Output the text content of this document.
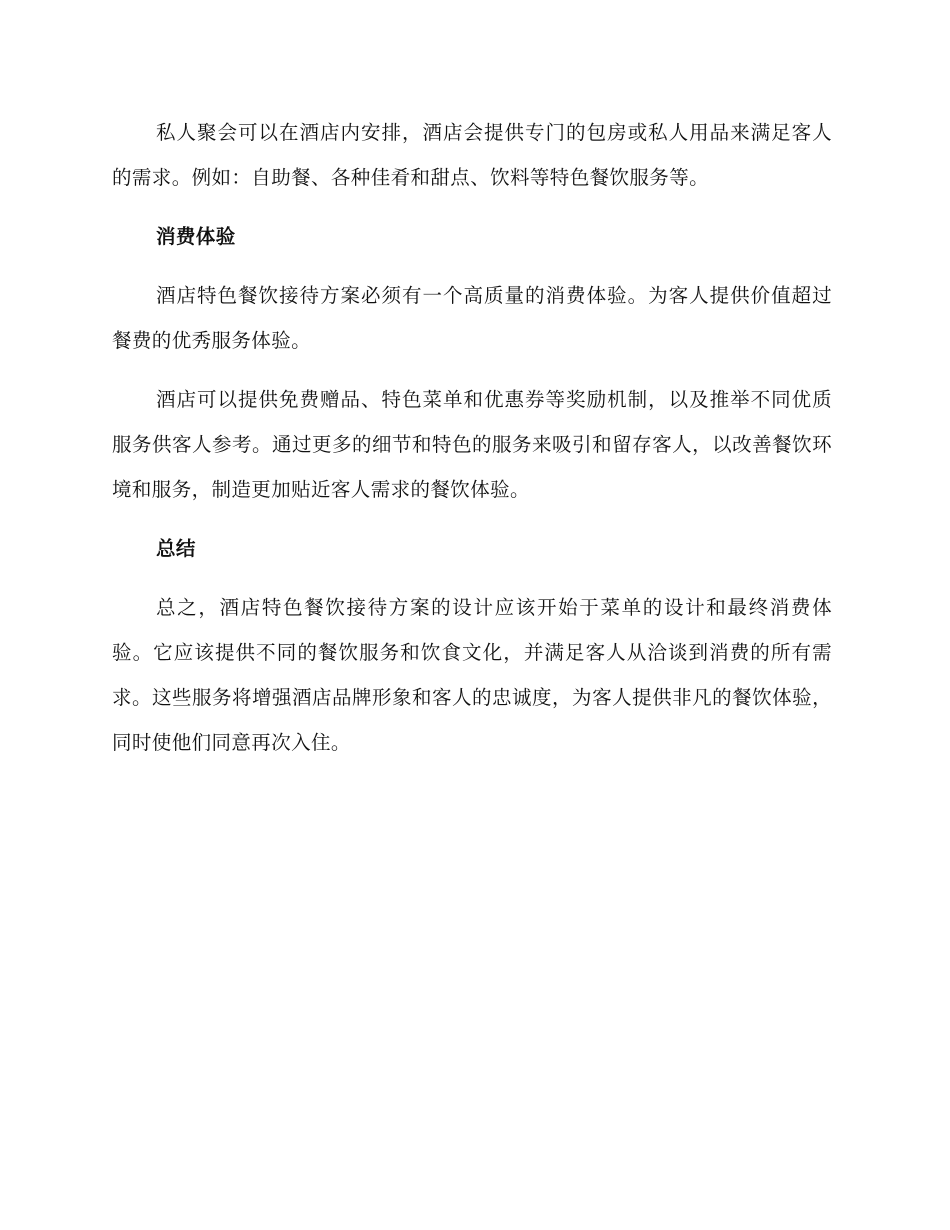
私人聚会可以在酒店内安排，酒店会提供专门的包房或私人用品来满足客人的需求。例如：自助餐、各种佳肴和甜点、饮料等特色餐饮服务等。

消费体验

酒店特色餐饮接待方案必须有一个高质量的消费体验。为客人提供价值超过餐费的优秀服务体验。

酒店可以提供免费赠品、特色菜单和优惠券等奖励机制，以及推举不同优质服务供客人参考。通过更多的细节和特色的服务来吸引和留存客人，以改善餐饮环境和服务，制造更加贴近客人需求的餐饮体验。

总结

总之，酒店特色餐饮接待方案的设计应该开始于菜单的设计和最终消费体验。它应该提供不同的餐饮服务和饮食文化，并满足客人从洽谈到消费的所有需求。这些服务将增强酒店品牌形象和客人的忠诚度，为客人提供非凡的餐饮体验，同时使他们同意再次入住。
